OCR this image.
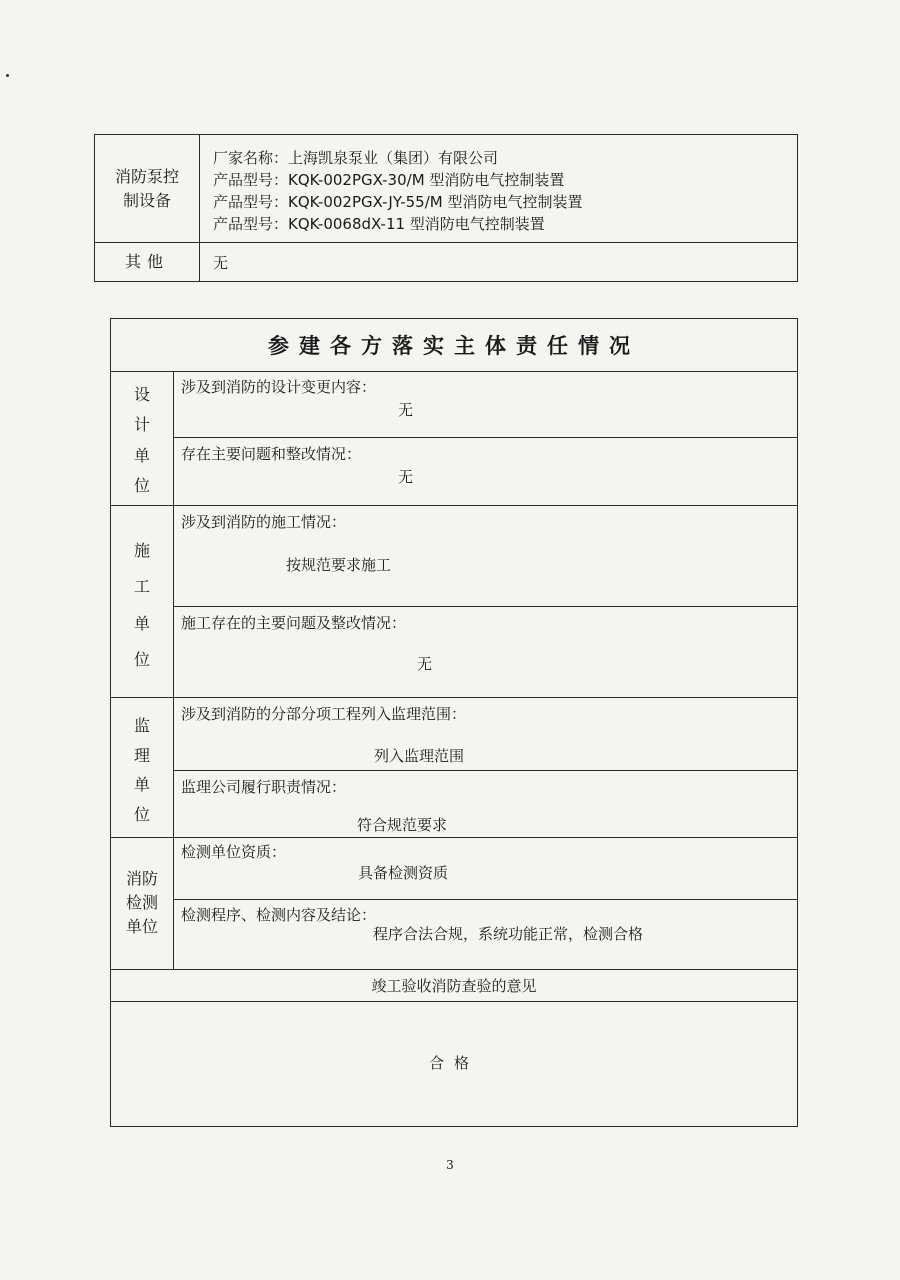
消防泵控制设备
厂家名称：上海凯泉泵业（集团）有限公司
产品型号：KQK-002PGX-30/M 型消防电气控制装置
产品型号：KQK-002PGX-JY-55/M 型消防电气控制装置
产品型号：KQK-0068dX-11 型消防电气控制装置
其他	无
参建各方落实主体责任情况
设
计
单
位
涉及到消防的设计变更内容：
无
存在主要问题和整改情况：
无
施
工
单
位
涉及到消防的施工情况：
按规范要求施工
施工存在的主要问题及整改情况：
无
监
理
单
位
涉及到消防的分部分项工程列入监理范围：
列入监理范围
监理公司履行职责情况：
符合规范要求
消防
检测
单位
检测单位资质：
具备检测资质
检测程序、检测内容及结论：
程序合法合规，系统功能正常，检测合格
竣工验收消防查验的意见
合格
3
